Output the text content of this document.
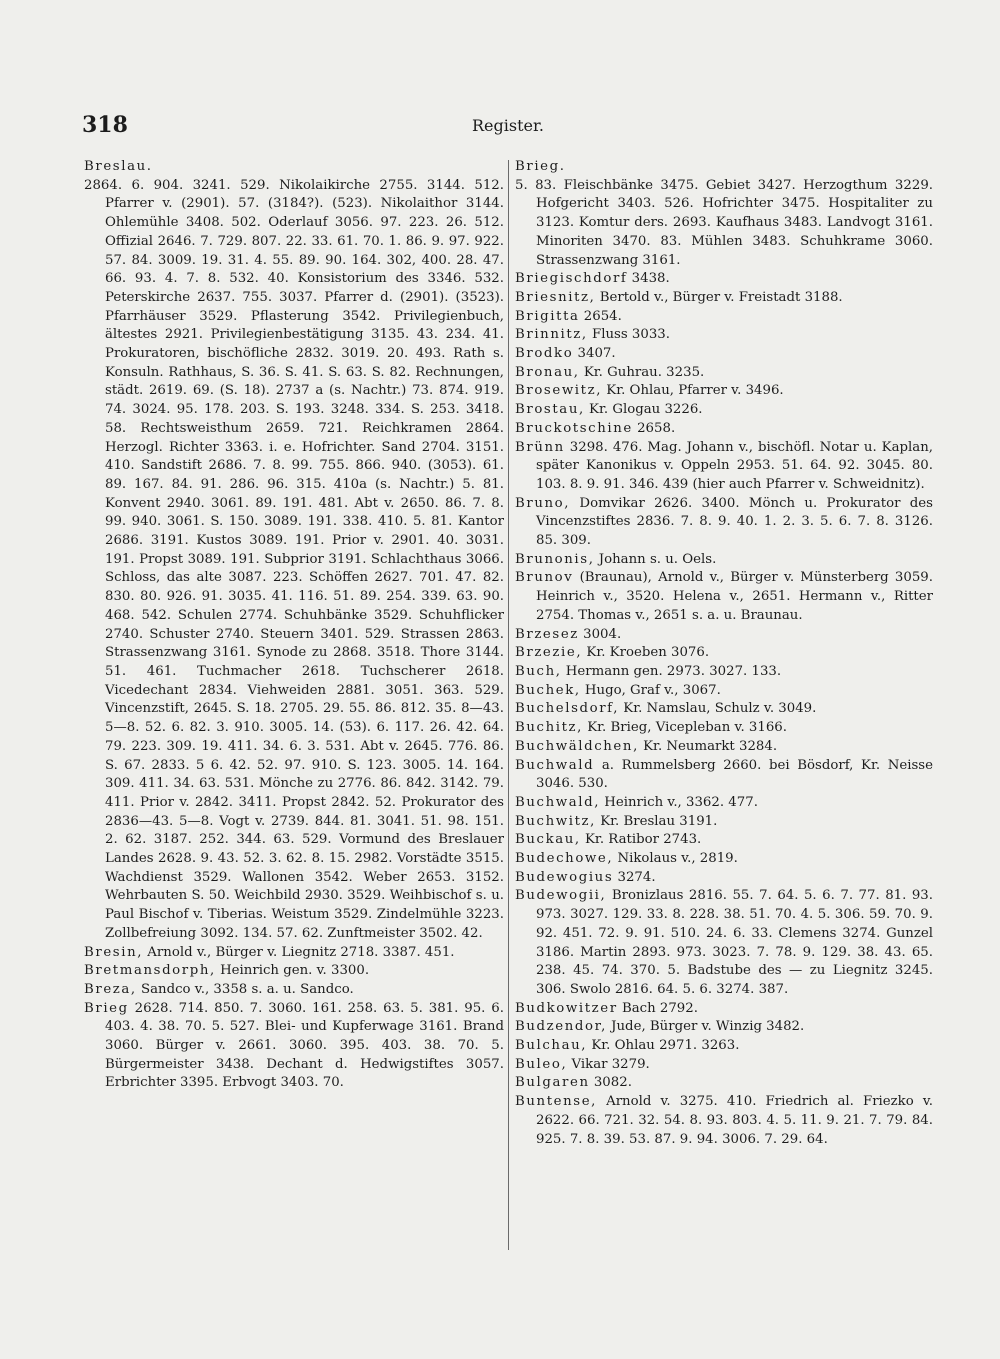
318	Register.

Breslau.

2864. 6. 904. 3241. 529. Nikolaikirche 2755. 3144. 512. Pfarrer v. (2901). 57. (3184?). (523). Nikolaithor 3144. Ohlemühle 3408. 502. Oderlauf 3056. 97. 223. 26. 512. Offizial 2646. 7. 729. 807. 22. 33. 61. 70. 1. 86. 9. 97. 922. 57. 84. 3009. 19. 31. 4. 55. 89. 90. 164. 302, 400. 28. 47. 66. 93. 4. 7. 8. 532. 40. Konsistorium des 3346. 532. Peterskirche 2637. 755. 3037. Pfarrer d. (2901). (3523). Pfarrhäuser 3529. Pflasterung 3542. Privilegienbuch, ältestes 2921. Privilegienbestätigung 3135. 43. 234. 41. Prokuratoren, bischöfliche 2832. 3019. 20. 493. Rath s. Konsuln. Rathhaus, S. 36. S. 41. S. 63. S. 82. Rechnungen, städt. 2619. 69. (S. 18). 2737 a (s. Nachtr.) 73. 874. 919. 74. 3024. 95. 178. 203. S. 193. 3248. 334. S. 253. 3418. 58. Rechtsweisthum 2659. 721. Reichkramen 2864. Herzogl. Richter 3363. i. e. Hofrichter. Sand 2704. 3151. 410. Sandstift 2686. 7. 8. 99. 755. 866. 940. (3053). 61. 89. 167. 84. 91. 286. 96. 315. 410a (s. Nachtr.) 5. 81. Konvent 2940. 3061. 89. 191. 481. Abt v. 2650. 86. 7. 8. 99. 940. 3061. S. 150. 3089. 191. 338. 410. 5. 81. Kantor 2686. 3191. Kustos 3089. 191. Prior v. 2901. 40. 3031. 191. Propst 3089. 191. Subprior 3191. Schlachthaus 3066. Schloss, das alte 3087. 223. Schöffen 2627. 701. 47. 82. 830. 80. 926. 91. 3035. 41. 116. 51. 89. 254. 339. 63. 90. 468. 542. Schulen 2774. Schuhbänke 3529. Schuhflicker 2740. Schuster 2740. Steuern 3401. 529. Strassen 2863. Strassenzwang 3161. Synode zu 2868. 3518. Thore 3144. 51. 461. Tuchmacher 2618. Tuchscherer 2618. Vicedechant 2834. Viehweiden 2881. 3051. 363. 529. Vincenzstift, 2645. S. 18. 2705. 29. 55. 86. 812. 35. 8—43. 5—8. 52. 6. 82. 3. 910. 3005. 14. (53). 6. 117. 26. 42. 64. 79. 223. 309. 19. 411. 34. 6. 3. 531. Abt v. 2645. 776. 86. S. 67. 2833. 5 6. 42. 52. 97. 910. S. 123. 3005. 14. 164. 309. 411. 34. 63. 531. Mönche zu 2776. 86. 842. 3142. 79. 411. Prior v. 2842. 3411. Propst 2842. 52. Prokurator des 2836—43. 5—8. Vogt v. 2739. 844. 81. 3041. 51. 98. 151. 2. 62. 3187. 252. 344. 63. 529. Vormund des Breslauer Landes 2628. 9. 43. 52. 3. 62. 8. 15. 2982. Vorstädte 3515. Wachdienst 3529. Wallonen 3542. Weber 2653. 3152. Wehrbauten S. 50. Weichbild 2930. 3529. Weihbischof s. u. Paul Bischof v. Tiberias. Weistum 3529. Zindelmühle 3223. Zollbefreiung 3092. 134. 57. 62. Zunftmeister 3502. 42.

Bresin, Arnold v., Bürger v. Liegnitz 2718. 3387. 451.

Bretmansdorph, Heinrich gen. v. 3300.

Breza, Sandco v., 3358 s. a. u. Sandco.

Brieg 2628. 714. 850. 7. 3060. 161. 258. 63. 5. 381. 95. 6. 403. 4. 38. 70. 5. 527. Blei- und Kupferwage 3161. Brand 3060. Bürger v. 2661. 3060. 395. 403. 38. 70. 5. Bürgermeister 3438. Dechant d. Hedwigstiftes 3057. Erbrichter 3395. Erbvogt 3403. 70.

Brieg.

5. 83. Fleischbänke 3475. Gebiet 3427. Herzogthum 3229. Hofgericht 3403. 526. Hofrichter 3475. Hospitaliter zu 3123. Komtur ders. 2693. Kaufhaus 3483. Landvogt 3161. Minoriten 3470. 83. Mühlen 3483. Schuhkrame 3060. Strassenzwang 3161.

Briegischdorf 3438.

Briesnitz, Bertold v., Bürger v. Freistadt 3188.

Brigitta 2654.

Brinnitz, Fluss 3033.

Brodko 3407.

Bronau, Kr. Guhrau. 3235.

Brosewitz, Kr. Ohlau, Pfarrer v. 3496.

Brostau, Kr. Glogau 3226.

Bruckotschine 2658.

Brünn 3298. 476. Mag. Johann v., bischöfl. Notar u. Kaplan, später Kanonikus v. Oppeln 2953. 51. 64. 92. 3045. 80. 103. 8. 9. 91. 346. 439 (hier auch Pfarrer v. Schweidnitz).

Bruno, Domvikar 2626. 3400. Mönch u. Prokurator des Vincenzstiftes 2836. 7. 8. 9. 40. 1. 2. 3. 5. 6. 7. 8. 3126. 85. 309.

Brunonis, Johann s. u. Oels.

Brunov (Braunau), Arnold v., Bürger v. Münsterberg 3059. Heinrich v., 3520. Helena v., 2651. Hermann v., Ritter 2754. Thomas v., 2651 s. a. u. Braunau.

Brzesez 3004.

Brzezie, Kr. Kroeben 3076.

Buch, Hermann gen. 2973. 3027. 133.

Buchek, Hugo, Graf v., 3067.

Buchelsdorf, Kr. Namslau, Schulz v. 3049.

Buchitz, Kr. Brieg, Vicepleban v. 3166.

Buchwäldchen, Kr. Neumarkt 3284.

Buchwald a. Rummelsberg 2660. bei Bösdorf, Kr. Neisse 3046. 530.

Buchwald, Heinrich v., 3362. 477.

Buchwitz, Kr. Breslau 3191.

Buckau, Kr. Ratibor 2743.

Budechowe, Nikolaus v., 2819.

Budewogius 3274.

Budewogii, Bronizlaus 2816. 55. 7. 64. 5. 6. 7. 77. 81. 93. 973. 3027. 129. 33. 8. 228. 38. 51. 70. 4. 5. 306. 59. 70. 9. 92. 451. 72. 9. 91. 510. 24. 6. 33. Clemens 3274. Gunzel 3186. Martin 2893. 973. 3023. 7. 78. 9. 129. 38. 43. 65. 238. 45. 74. 370. 5. Badstube des — zu Liegnitz 3245. 306. Swolo 2816. 64. 5. 6. 3274. 387.

Budkowitzer Bach 2792.

Budzendor, Jude, Bürger v. Winzig 3482.

Bulchau, Kr. Ohlau 2971. 3263.

Buleo, Vikar 3279.

Bulgaren 3082.

Buntense, Arnold v. 3275. 410. Friedrich al. Friezko v. 2622. 66. 721. 32. 54. 8. 93. 803. 4. 5. 11. 9. 21. 7. 79. 84. 925. 7. 8. 39. 53. 87. 9. 94. 3006. 7. 29. 64.
